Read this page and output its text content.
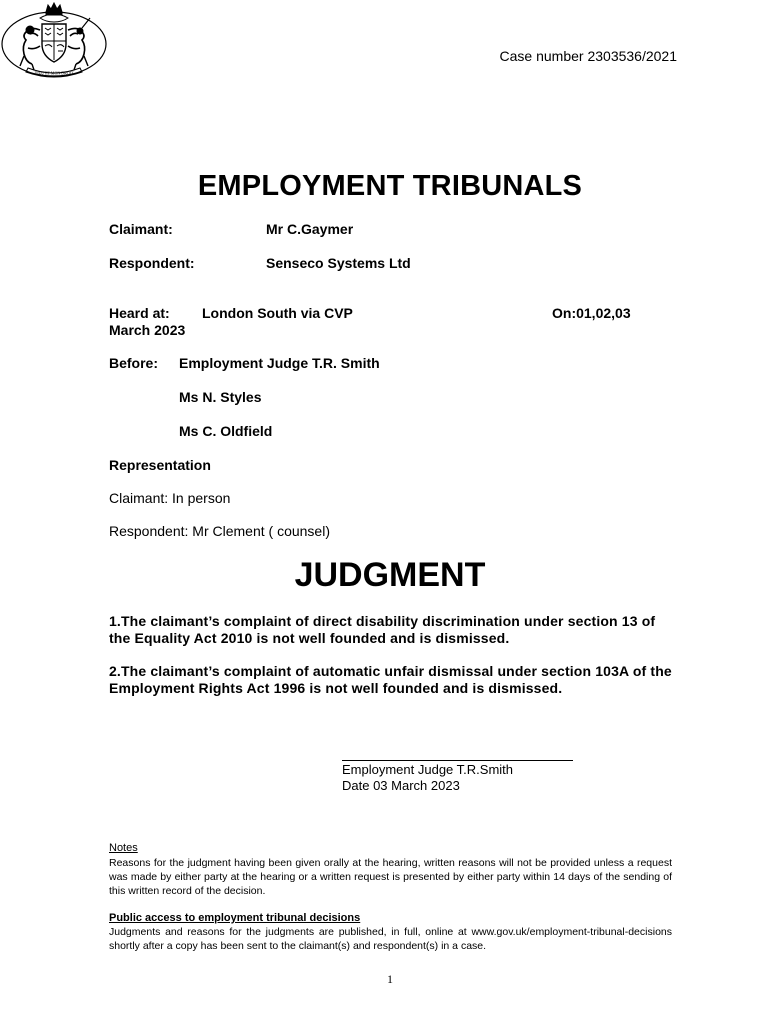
Case number 2303536/2021
DIEU ET MON DROIT
EMPLOYMENT TRIBUNALS
Claimant:	Mr C.Gaymer
Respondent:	Senseco Systems Ltd
Heard at: London South via CVP	On:01,02,03
March 2023
Before: Employment Judge T.R. Smith
Ms N. Styles
Ms C. Oldfield
Representation
Claimant: In person
Respondent: Mr Clement ( counsel)
JUDGMENT
1.The claimant’s complaint of direct disability discrimination under section 13 of the Equality Act 2010 is not well founded and is dismissed.
2.The claimant’s complaint of automatic unfair dismissal under section 103A of the Employment Rights Act 1996 is not well founded and is dismissed.
Employment Judge T.R.Smith
Date 03 March 2023
Notes
Reasons for the judgment having been given orally at the hearing, written reasons will not be provided unless a request was made by either party at the hearing or a written request is presented by either party within 14 days of the sending of this written record of the decision.
Public access to employment tribunal decisions
Judgments and reasons for the judgments are published, in full, online at www.gov.uk/employment-tribunal-decisions shortly after a copy has been sent to the claimant(s) and respondent(s) in a case.
1
